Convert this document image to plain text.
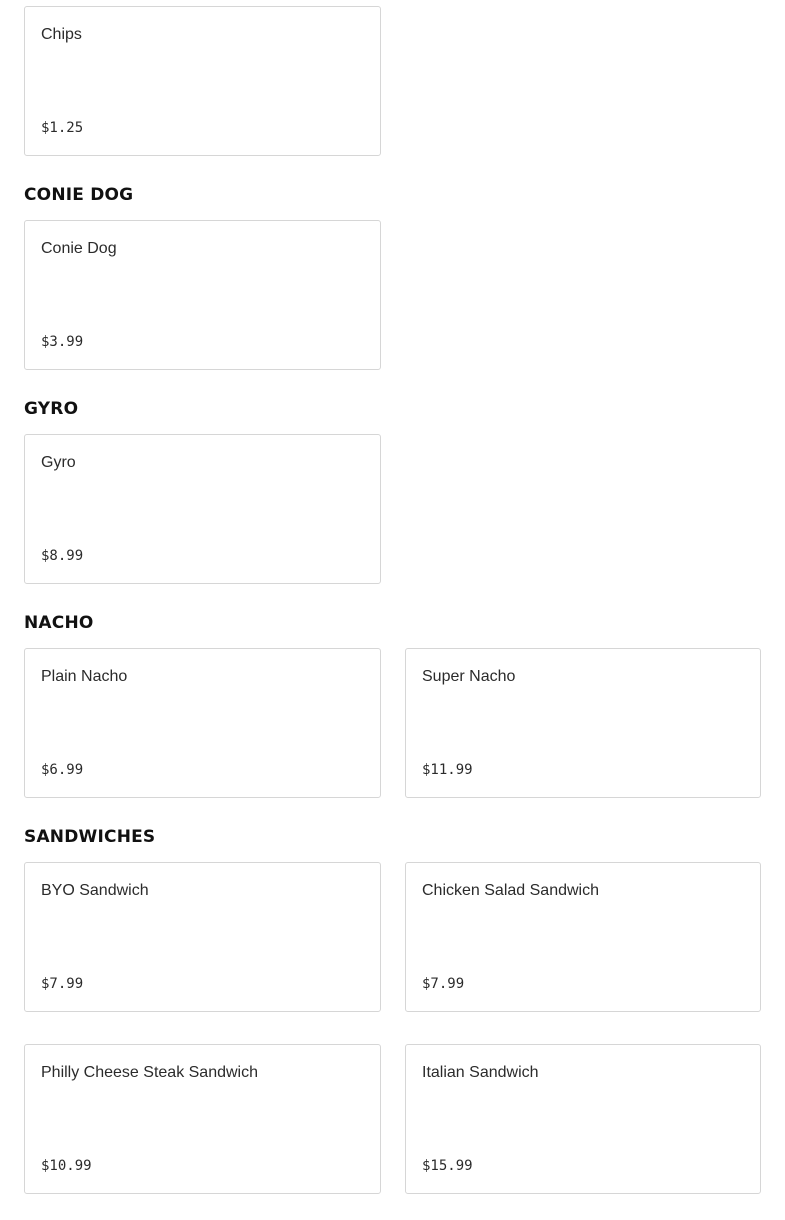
Chips
$1.25
CONIE DOG
Conie Dog
$3.99
GYRO
Gyro
$8.99
NACHO
Plain Nacho
$6.99
Super Nacho
$11.99
SANDWICHES
BYO Sandwich
$7.99
Chicken Salad Sandwich
$7.99
Philly Cheese Steak Sandwich
$10.99
Italian Sandwich
$15.99
